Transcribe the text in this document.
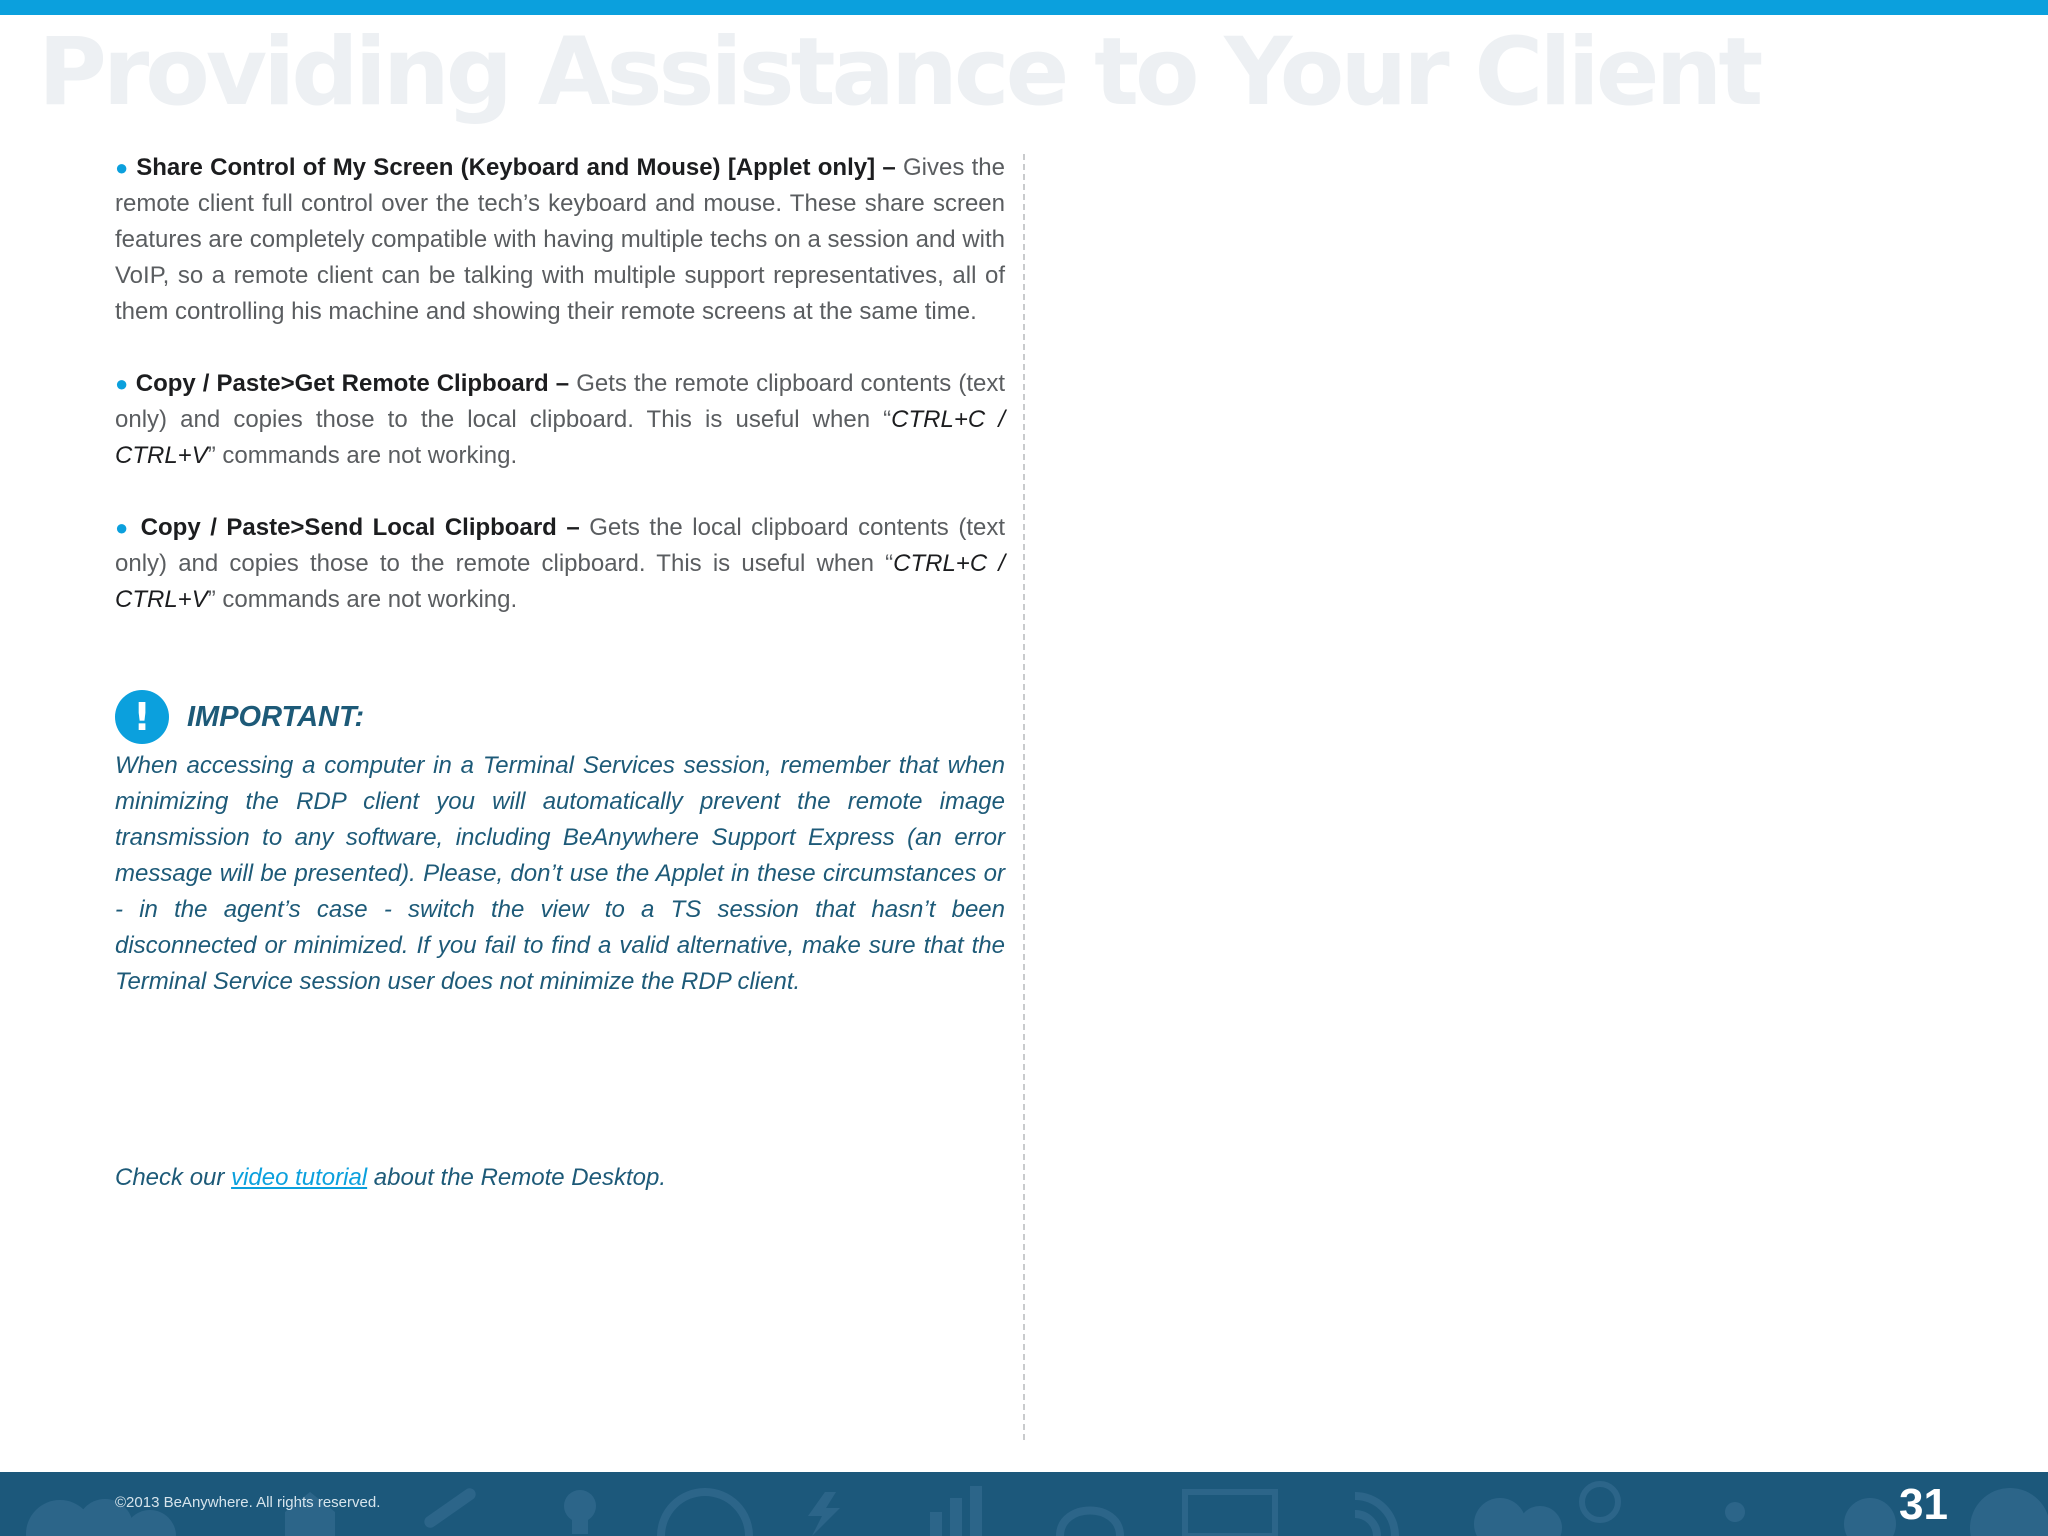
Providing Assistance to Your Client

● Share Control of My Screen (Keyboard and Mouse) [Applet only] – Gives the remote client full control over the tech’s keyboard and mouse. These share screen features are completely compatible with having multiple techs on a session and with VoIP, so a remote client can be talking with multiple support representatives, all of them controlling his machine and showing their remote screens at the same time.

● Copy / Paste>Get Remote Clipboard – Gets the remote clipboard contents (text only) and copies those to the local clipboard. This is useful when “CTRL+C / CTRL+V” commands are not working.

● Copy / Paste>Send Local Clipboard – Gets the local clipboard contents (text only) and copies those to the remote clipboard. This is useful when “CTRL+C / CTRL+V” commands are not working.

!	IMPORTANT:

When accessing a computer in a Terminal Services session, remember that when minimizing the RDP client you will automatically prevent the remote image transmission to any software, including BeAnywhere Support Express (an error message will be presented). Please, don’t use the Applet in these circumstances or - in the agent’s case - switch the view to a TS session that hasn’t been disconnected or minimized. If you fail to find a valid alternative, make sure that the Terminal Service session user does not minimize the RDP client.

Check our video tutorial about the Remote Desktop.

©2013 BeAnywhere. All rights reserved.	31
